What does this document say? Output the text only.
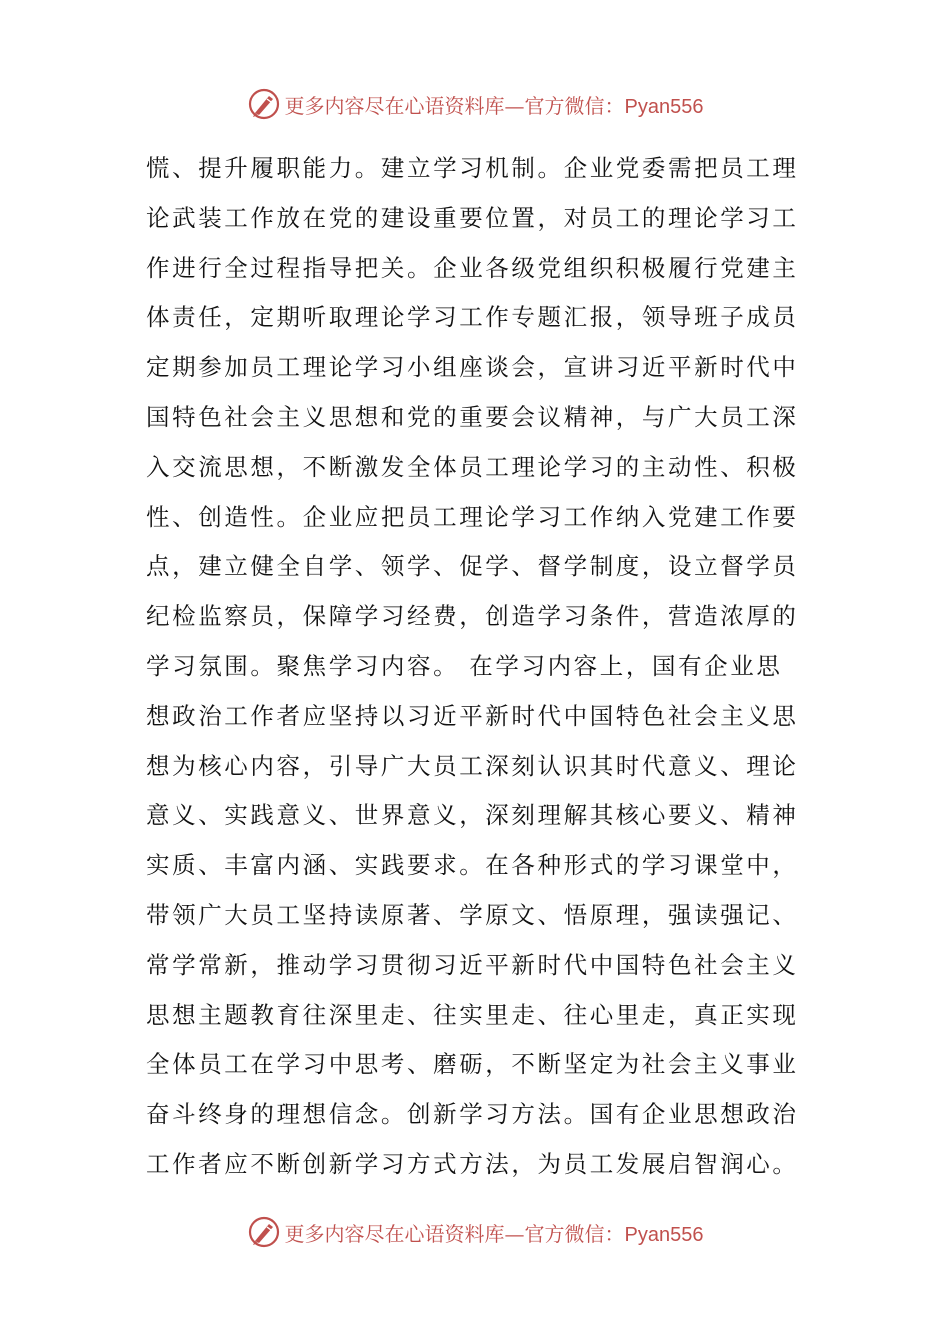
更多内容尽在心语资料库—官方微信：Pyan556
慌、提升履职能力。建立学习机制。企业党委需把员工理
论武装工作放在党的建设重要位置，对员工的理论学习工
作进行全过程指导把关。企业各级党组织积极履行党建主
体责任，定期听取理论学习工作专题汇报，领导班子成员
定期参加员工理论学习小组座谈会，宣讲习近平新时代中
国特色社会主义思想和党的重要会议精神，与广大员工深
入交流思想，不断激发全体员工理论学习的主动性、积极
性、创造性。企业应把员工理论学习工作纳入党建工作要
点，建立健全自学、领学、促学、督学制度，设立督学员
纪检监察员，保障学习经费，创造学习条件，营造浓厚的
学习氛围。聚焦学习内容。 在学习内容上，国有企业思
想政治工作者应坚持以习近平新时代中国特色社会主义思
想为核心内容，引导广大员工深刻认识其时代意义、理论
意义、实践意义、世界意义，深刻理解其核心要义、精神
实质、丰富内涵、实践要求。在各种形式的学习课堂中，
带领广大员工坚持读原著、学原文、悟原理，强读强记、
常学常新，推动学习贯彻习近平新时代中国特色社会主义
思想主题教育往深里走、往实里走、往心里走，真正实现
全体员工在学习中思考、磨砺，不断坚定为社会主义事业
奋斗终身的理想信念。创新学习方法。国有企业思想政治
工作者应不断创新学习方式方法，为员工发展启智润心。
更多内容尽在心语资料库—官方微信：Pyan556
